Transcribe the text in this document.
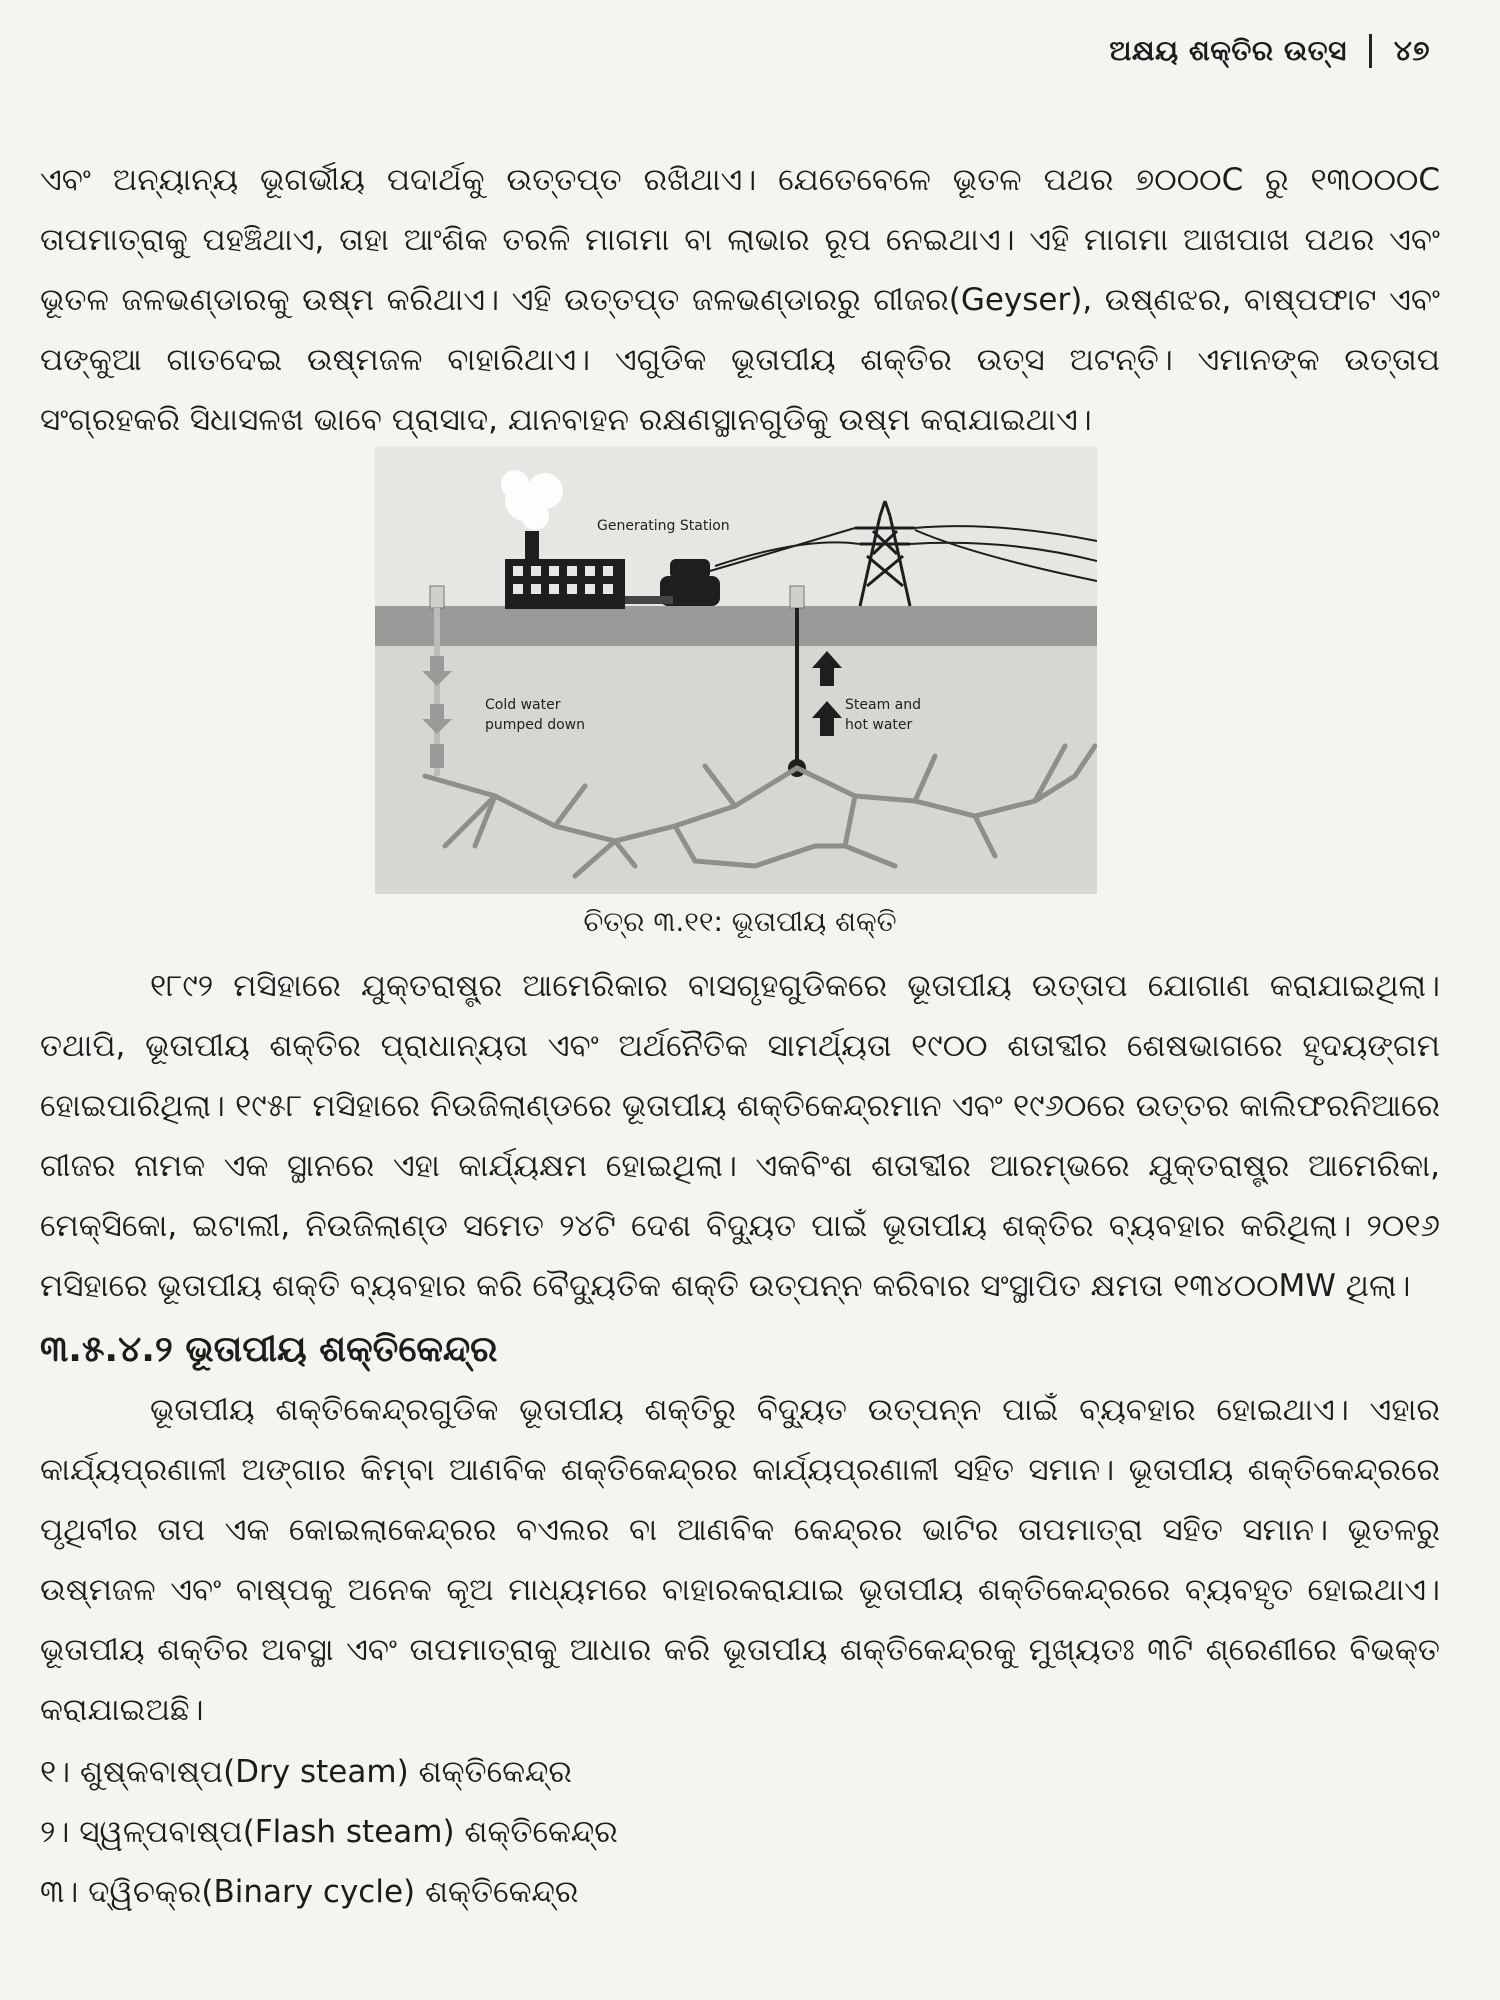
ଅକ୍ଷୟ ଶକ୍ତିର ଉତ୍ସ ୪୭

ଏବଂ ଅନ୍ୟାନ୍ୟ ଭୂଗର୍ଭୀୟ ପଦାର୍ଥକୁ ଉତ୍ତପ୍ତ ରଖିଥାଏ। ଯେତେବେଳେ ଭୂତଳ ପଥର ୭୦୦୦C ରୁ ୧୩୦୦୦C ତାପମାତ୍ରାକୁ ପହଞ୍ଚିଥାଏ, ତାହା ଆଂଶିକ ତରଳି ମାଗମା ବା ଲାଭାର ରୂପ ନେଇଥାଏ। ଏହି ମାଗମା ଆଖପାଖ ପଥର ଏବଂ ଭୂତଳ ଜଳଭଣ୍ଡାରକୁ ଉଷ୍ମ କରିଥାଏ। ଏହି ଉତ୍ତପ୍ତ ଜଳଭଣ୍ଡାରରୁ ଗୀଜର(Geyser), ଉଷ୍ଣଝର, ବାଷ୍ପଫାଟ ଏବଂ ପଙ୍କୁଆ ଗାତଦେଇ ଉଷ୍ମଜଳ ବାହାରିଥାଏ। ଏଗୁଡିକ ଭୂତାପୀୟ ଶକ୍ତିର ଉତ୍ସ ଅଟନ୍ତି। ଏମାନଙ୍କ ଉତ୍ତାପ ସଂଗ୍ରହକରି ସିଧାସଳଖ ଭାବେ ପ୍ରାସାଦ, ଯାନବାହନ ରକ୍ଷଣସ୍ଥାନଗୁଡିକୁ ଉଷ୍ମ କରାଯାଇଥାଏ।

Generating Station
Cold water
pumped down
Steam and
hot water

ଚିତ୍ର ୩.୧୧: ଭୂତାପୀୟ ଶକ୍ତି

୧୮୯୨ ମସିହାରେ ଯୁକ୍ତରାଷ୍ଟ୍ର ଆମେରିକାର ବାସଗୃହଗୁଡିକରେ ଭୂତାପୀୟ ଉତ୍ତାପ ଯୋଗାଣ କରାଯାଇଥିଲା। ତଥାପି, ଭୂତାପୀୟ ଶକ୍ତିର ପ୍ରାଧାନ୍ୟତା ଏବଂ ଅର୍ଥନୈତିକ ସାମର୍ଥ୍ୟତା ୧୯୦୦ ଶତାବ୍ଦୀର ଶେଷଭାଗରେ ହୃଦୟଙ୍ଗମ ହୋଇପାରିଥିଲା। ୧୯୫୮ ମସିହାରେ ନିଉଜିଲାଣ୍ଡରେ ଭୂତାପୀୟ ଶକ୍ତିକେନ୍ଦ୍ରମାନ ଏବଂ ୧୯୬୦ରେ ଉତ୍ତର କାଲିଫରନିଆରେ ଗୀଜର ନାମକ ଏକ ସ୍ଥାନରେ ଏହା କାର୍ଯ୍ୟକ୍ଷମ ହୋଇଥିଲା। ଏକବିଂଶ ଶତାବ୍ଦୀର ଆରମ୍ଭରେ ଯୁକ୍ତରାଷ୍ଟ୍ର ଆମେରିକା, ମେକ୍ସିକୋ, ଇଟାଲୀ, ନିଉଜିଲାଣ୍ଡ ସମେତ ୨୪ଟି ଦେଶ ବିଦ୍ୟୁତ ପାଇଁ ଭୂତାପୀୟ ଶକ୍ତିର ବ୍ୟବହାର କରିଥିଲା। ୨୦୧୬ ମସିହାରେ ଭୂତାପୀୟ ଶକ୍ତି ବ୍ୟବହାର କରି ବୈଦ୍ୟୁତିକ ଶକ୍ତି ଉତ୍ପନ୍ନ କରିବାର ସଂସ୍ଥାପିତ କ୍ଷମତା ୧୩୪୦୦MW ଥିଲା।

୩.୫.୪.୨ ଭୂତାପୀୟ ଶକ୍ତିକେନ୍ଦ୍ର

ଭୂତାପୀୟ ଶକ୍ତିକେନ୍ଦ୍ରଗୁଡିକ ଭୂତାପୀୟ ଶକ୍ତିରୁ ବିଦ୍ୟୁତ ଉତ୍ପନ୍ନ ପାଇଁ ବ୍ୟବହାର ହୋଇଥାଏ। ଏହାର କାର୍ଯ୍ୟପ୍ରଣାଳୀ ଅଙ୍ଗାର କିମ୍ବା ଆଣବିକ ଶକ୍ତିକେନ୍ଦ୍ରର କାର୍ଯ୍ୟପ୍ରଣାଳୀ ସହିତ ସମାନ। ଭୂତାପୀୟ ଶକ୍ତିକେନ୍ଦ୍ରରେ ପୃଥିବୀର ତାପ ଏକ କୋଇଲାକେନ୍ଦ୍ରର ବଏଲର ବା ଆଣବିକ କେନ୍ଦ୍ରର ଭାଟିର ତାପମାତ୍ରା ସହିତ ସମାନ। ଭୂତଳରୁ ଉଷ୍ମଜଳ ଏବଂ ବାଷ୍ପକୁ ଅନେକ କୂଅ ମାଧ୍ୟମରେ ବାହାରକରାଯାଇ ଭୂତାପୀୟ ଶକ୍ତିକେନ୍ଦ୍ରରେ ବ୍ୟବହୃତ ହୋଇଥାଏ। ଭୂତାପୀୟ ଶକ୍ତିର ଅବସ୍ଥା ଏବଂ ତାପମାତ୍ରାକୁ ଆଧାର କରି ଭୂତାପୀୟ ଶକ୍ତିକେନ୍ଦ୍ରକୁ ମୁଖ୍ୟତଃ ୩ଟି ଶ୍ରେଣୀରେ ବିଭକ୍ତ କରାଯାଇଅଛି।

୧। ଶୁଷ୍କବାଷ୍ପ(Dry steam) ଶକ୍ତିକେନ୍ଦ୍ର

୨। ସ୍ୱଳ୍ପବାଷ୍ପ(Flash steam) ଶକ୍ତିକେନ୍ଦ୍ର

୩। ଦ୍ୱିଚକ୍ର(Binary cycle) ଶକ୍ତିକେନ୍ଦ୍ର
